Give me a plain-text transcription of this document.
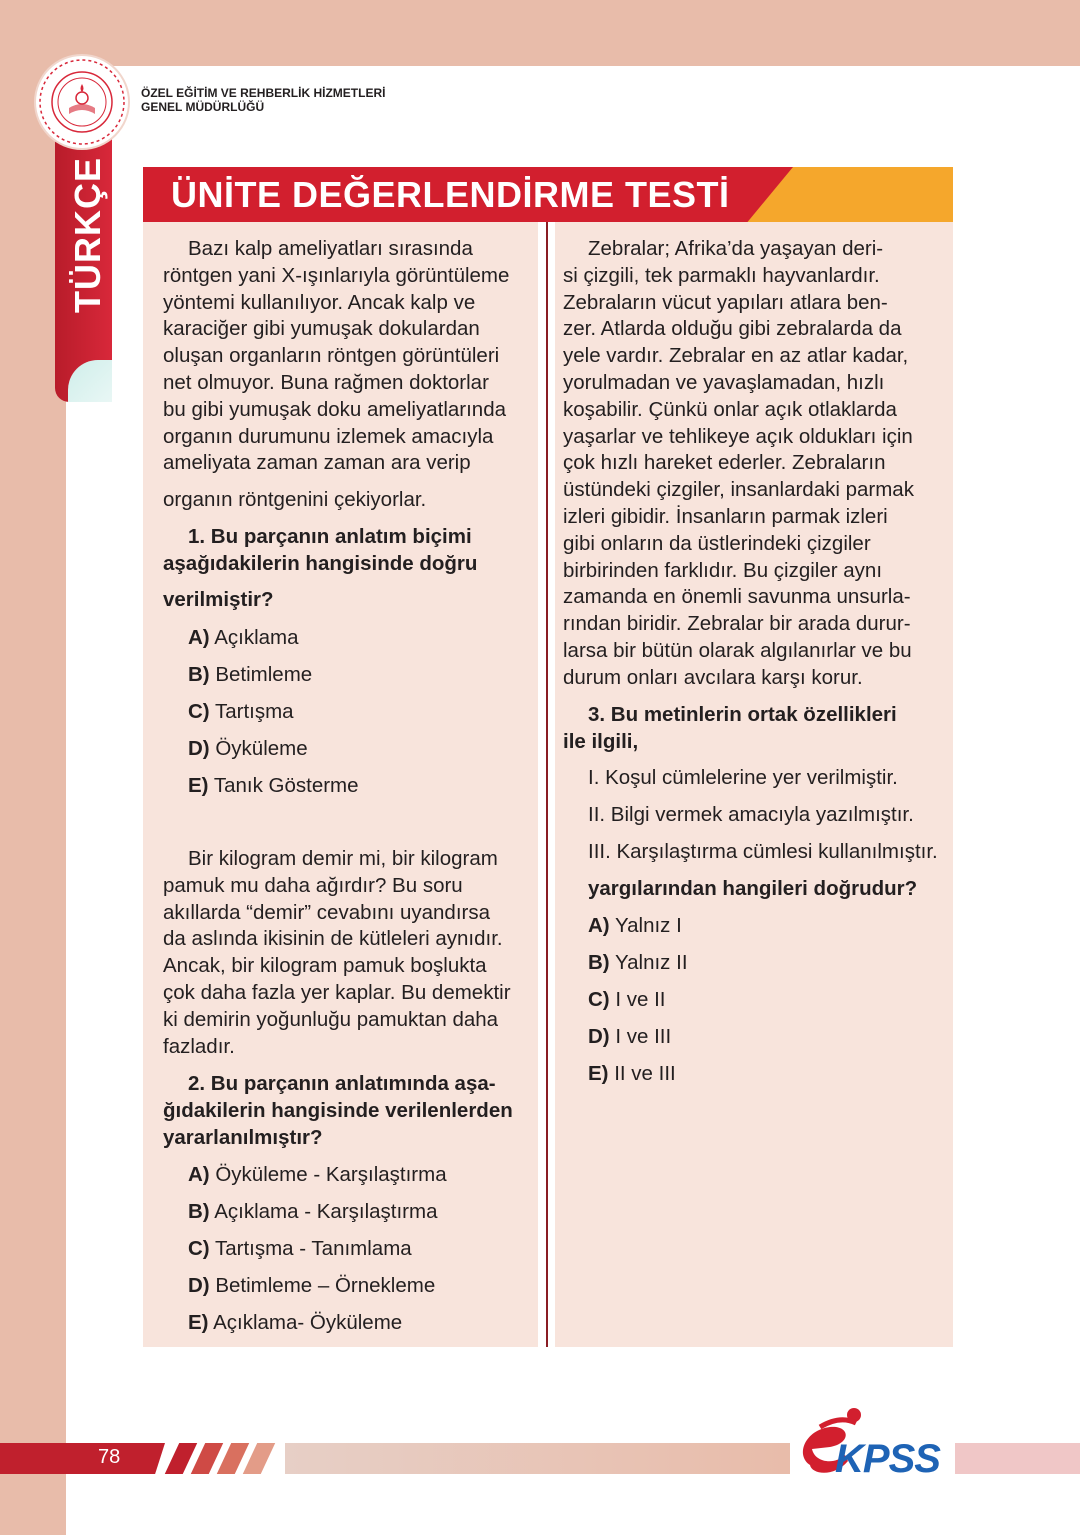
TÜRKÇE
ÖZEL EĞİTİM VE REHBERLİK HİZMETLERİ
GENEL MÜDÜRLÜĞÜ
ÜNİTE DEĞERLENDİRME TESTİ
Bazı kalp ameliyatları sırasında
röntgen yani X-ışınlarıyla görüntüleme
yöntemi kullanılıyor. Ancak kalp ve
karaciğer gibi yumuşak dokulardan
oluşan organların röntgen görüntüleri
net olmuyor. Buna rağmen doktorlar
bu gibi yumuşak doku ameliyatlarında
organın durumunu izlemek amacıyla
ameliyata zaman zaman ara verip
organın röntgenini çekiyorlar.
1. Bu parçanın anlatım biçimi
aşağıdakilerin hangisinde doğru
verilmiştir?
A) Açıklama
B) Betimleme
C) Tartışma
D) Öyküleme
E) Tanık Gösterme
Bir kilogram demir mi, bir kilogram
pamuk mu daha ağırdır? Bu soru
akıllarda “demir” cevabını uyandırsa
da aslında ikisinin de kütleleri aynıdır.
Ancak, bir kilogram pamuk boşlukta
çok daha fazla yer kaplar. Bu demektir
ki demirin yoğunluğu pamuktan daha
fazladır.
2. Bu parçanın anlatımında aşa-
ğıdakilerin hangisinde verilenlerden
yararlanılmıştır?
A) Öyküleme - Karşılaştırma
B) Açıklama - Karşılaştırma
C) Tartışma - Tanımlama
D) Betimleme – Örnekleme
E) Açıklama- Öyküleme
Zebralar; Afrika’da yaşayan deri-
si çizgili, tek parmaklı hayvanlardır.
Zebraların vücut yapıları atlara ben-
zer. Atlarda olduğu gibi zebralarda da
yele vardır. Zebralar en az atlar kadar,
yorulmadan ve yavaşlamadan, hızlı
koşabilir. Çünkü onlar açık otlaklarda
yaşarlar ve tehlikeye açık oldukları için
çok hızlı hareket ederler. Zebraların
üstündeki çizgiler, insanlardaki parmak
izleri gibidir. İnsanların parmak izleri
gibi onların da üstlerindeki çizgiler
birbirinden farklıdır. Bu çizgiler aynı
zamanda en önemli savunma unsurla-
rından biridir. Zebralar bir arada durur-
larsa bir bütün olarak algılanırlar ve bu
durum onları avcılara karşı korur.
3. Bu metinlerin ortak özellikleri
ile ilgili,
I. Koşul cümlelerine yer verilmiştir.
II. Bilgi vermek amacıyla yazılmıştır.
III. Karşılaştırma cümlesi kullanılmıştır.
yargılarından hangileri doğrudur?
A) Yalnız I
B) Yalnız II
C) I ve II
D) I ve III
E) II ve III
78	KPSS
